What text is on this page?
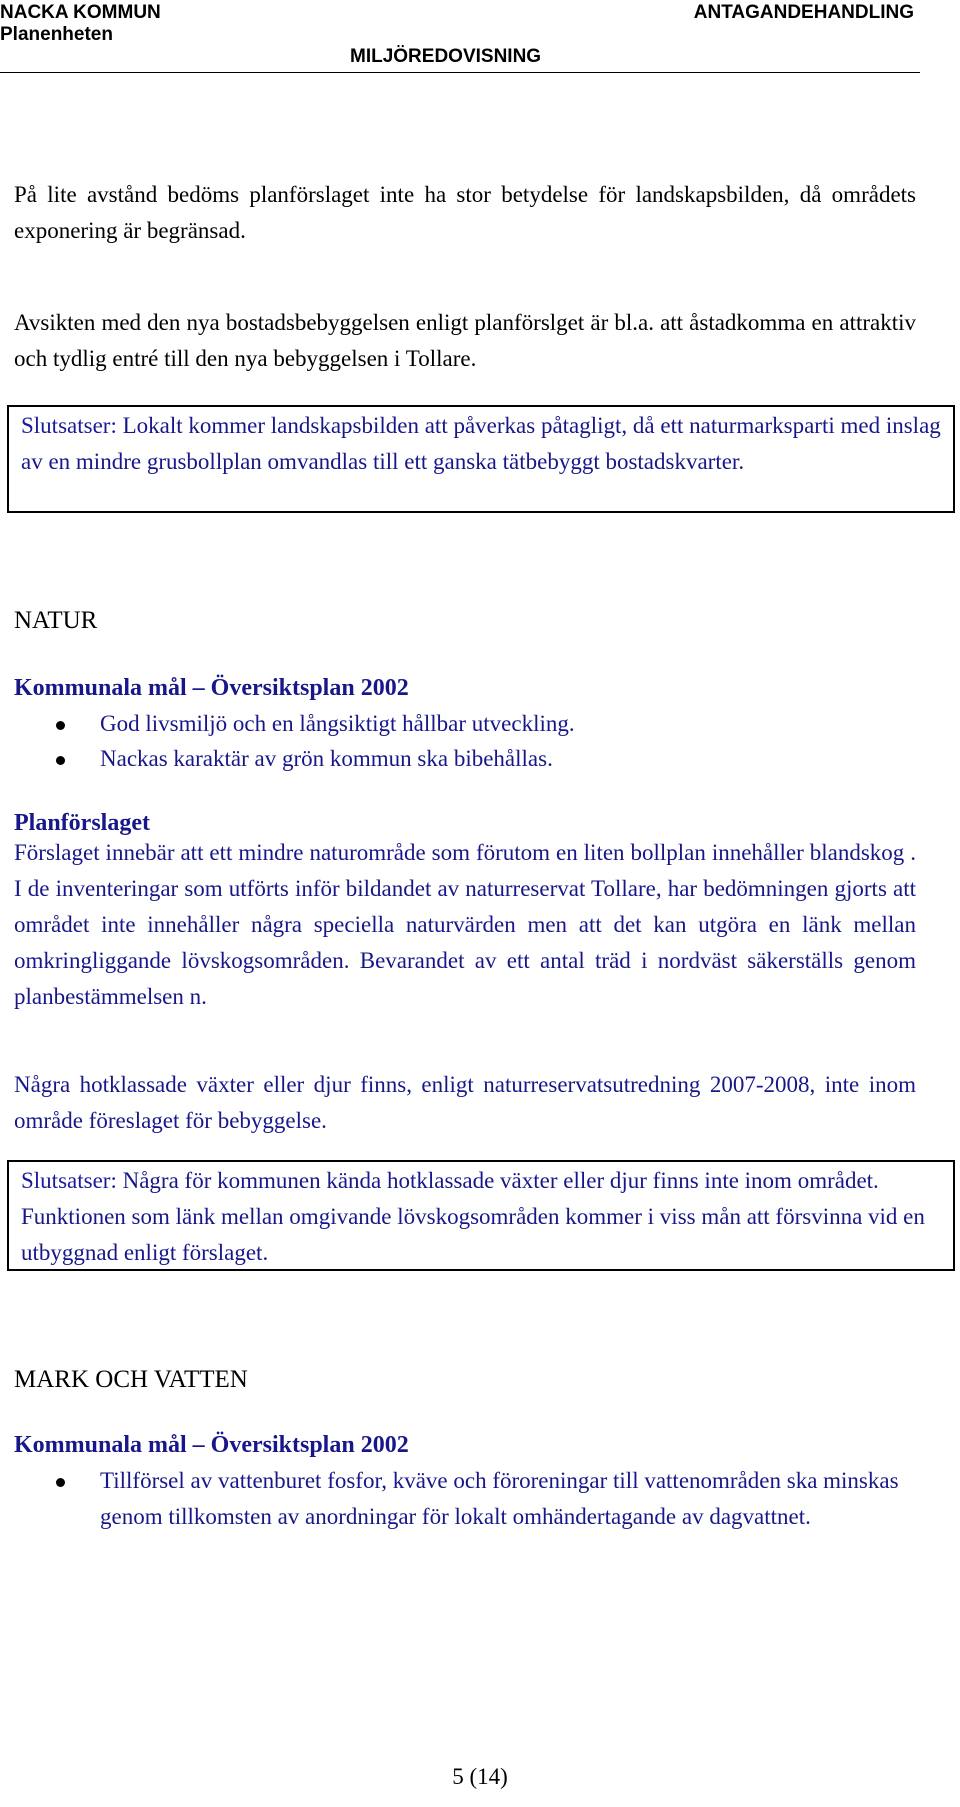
NACKA KOMMUN
Planenheten
ANTAGANDEHANDLING
MILJÖREDOVISNING

På lite avstånd bedöms planförslaget inte ha stor betydelse för landskapsbilden, då områdets exponering är begränsad.

Avsikten med den nya bostadsbebyggelsen enligt planförslget är bl.a. att åstadkomma en attraktiv och tydlig entré till den nya bebyggelsen i Tollare.

Slutsatser: Lokalt kommer landskapsbilden att påverkas påtagligt, då ett naturmarksparti med inslag av en mindre grusbollplan omvandlas till ett ganska tätbebyggt bostadskvarter.

NATUR
Kommunala mål – Översiktsplan 2002
God livsmiljö och en långsiktigt hållbar utveckling.
Nackas karaktär av grön kommun ska bibehållas.
Planförslaget

Förslaget innebär att ett mindre naturområde som förutom en liten bollplan innehåller blandskog . I de inventeringar som utförts inför bildandet av naturreservat Tollare, har bedömningen gjorts att området inte innehåller några speciella naturvärden men att det kan utgöra en länk mellan omkringliggande lövskogsområden. Bevarandet av ett antal träd i nordväst säkerställs genom planbestämmelsen n.

Några hotklassade växter eller djur finns, enligt naturreservatsutredning 2007-2008, inte inom område föreslaget för bebyggelse.

Slutsatser: Några för kommunen kända hotklassade växter eller djur finns inte inom området. Funktionen som länk mellan omgivande lövskogsområden kommer i viss mån att försvinna vid en utbyggnad enligt förslaget.

MARK OCH VATTEN
Kommunala mål – Översiktsplan 2002
Tillförsel av vattenburet fosfor, kväve och föroreningar till vattenområden ska minskas genom tillkomsten av anordningar för lokalt omhändertagande av dagvattnet.
5 (14)
